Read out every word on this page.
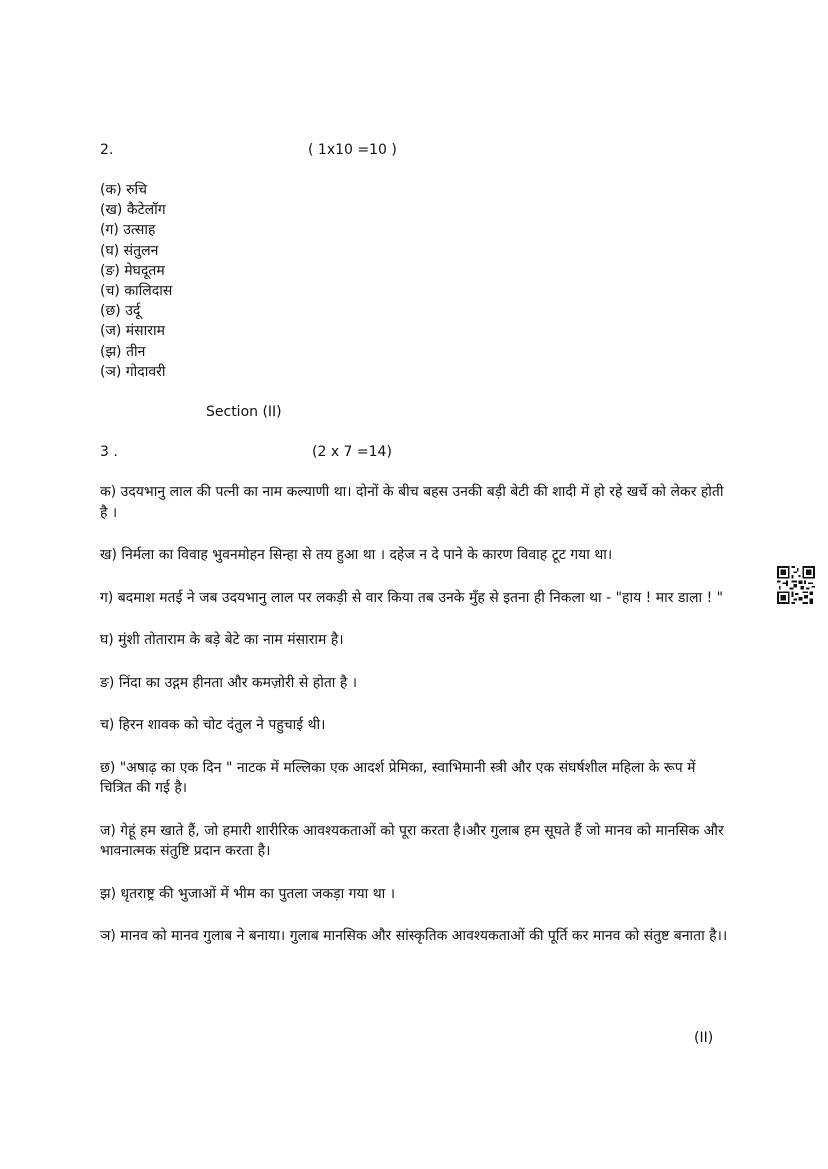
2.	( 1x10 =10 )
(क) रुचि
(ख) कैटेलॉग
(ग) उत्साह
(घ) संतुलन
(ङ) मेघदूतम
(च) कालिदास
(छ) उर्दू
(ज) मंसाराम
(झ) तीन
(ञ) गोदावरी
Section (II)
3 .	(2 x 7 =14)

क) उदयभानु लाल की पत्नी का नाम कल्याणी था। दोनों के बीच बहस उनकी बड़ी बेटी की शादी में हो रहे खर्चे को लेकर होती है ।

ख) निर्मला का विवाह भुवनमोहन सिन्हा से तय हुआ था । दहेज न दे पाने के कारण विवाह टूट गया था।

ग) बदमाश मतई ने जब उदयभानु लाल पर लकड़ी से वार किया तब उनके मुँह से इतना ही निकला था - "हाय ! मार डाला ! "

घ) मुंशी तोताराम के बड़े बेटे का नाम मंसाराम है।

ङ) निंदा का उद्गम हीनता और कमज़ोरी से होता है ।

च) हिरन शावक को चोट दंतुल ने पहुचाई थी।

छ) "अषाढ़ का एक दिन " नाटक में मल्लिका एक आदर्श प्रेमिका, स्वाभिमानी स्त्री और एक संघर्षशील महिला के रूप में चित्रित की गई है।

ज) गेहूं हम खाते हैं, जो हमारी शारीरिक आवश्यकताओं को पूरा करता है।और गुलाब हम सूघते हैं जो मानव को मानसिक और भावनात्मक संतुष्टि प्रदान करता है।

झ) धृतराष्ट्र की भुजाओं में भीम का पुतला जकड़ा गया था ।

ञ) मानव को मानव गुलाब ने बनाया। गुलाब मानसिक और सांस्कृतिक आवश्यकताओं की पूर्ति कर मानव को संतुष्ट बनाता है।।

(II)
